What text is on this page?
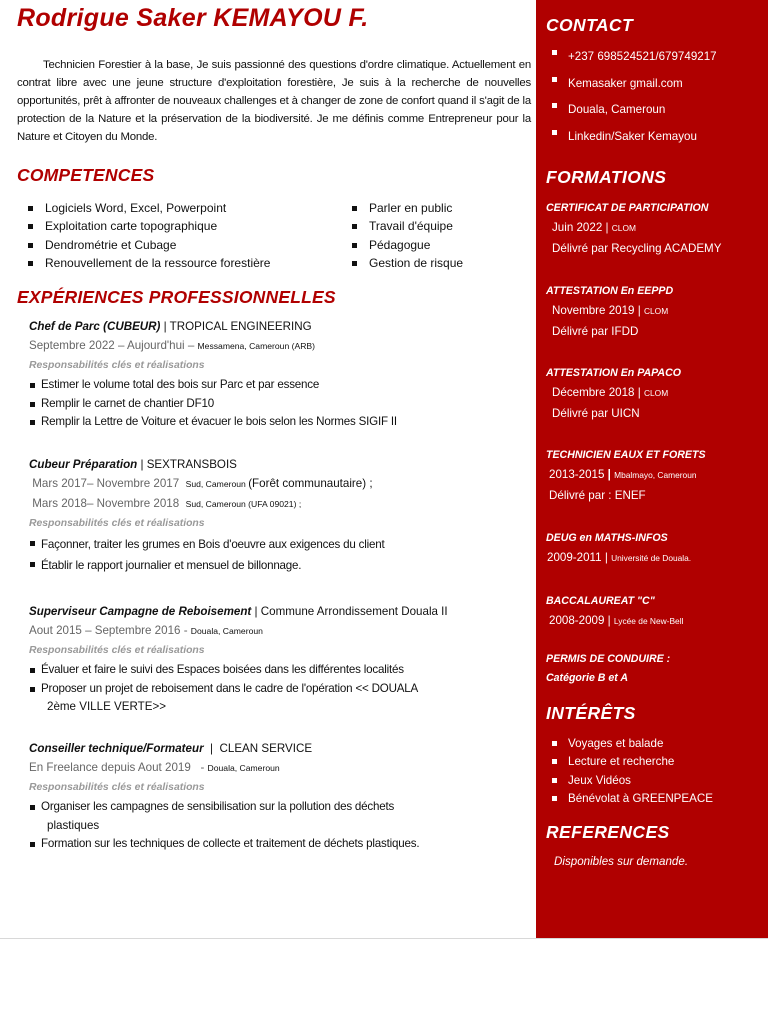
Rodrigue Saker KEMAYOU F.

Technicien Forestier à la base, Je suis passionné des questions d'ordre climatique. Actuellement en contrat libre avec une jeune structure d'exploitation forestière, Je suis à la recherche de nouvelles opportunités, prêt à affronter de nouveaux challenges et à changer de zone de confort quand il s'agit de la protection de la Nature et la préservation de la biodiversité. Je me définis comme Entrepreneur pour la Nature et Citoyen du Monde.

COMPETENCES
Logiciels Word, Excel, Powerpoint
Exploitation carte topographique
Dendrométrie et Cubage
Renouvellement de la ressource forestière
Parler en public
Travail d'équipe
Pédagogue
Gestion de risque
EXPÉRIENCES PROFESSIONNELLES
Chef de Parc (CUBEUR) | TROPICAL ENGINEERING
Septembre 2022 – Aujourd'hui – Messamena, Cameroun (ARB)
Responsabilités clés et réalisations
Estimer le volume total des bois sur Parc et par essence
Remplir le carnet de chantier DF10
Remplir la Lettre de Voiture et évacuer le bois selon les Normes SIGIF II
Cubeur Préparation | SEXTRANSBOIS
Mars 2017– Novembre 2017  Sud, Cameroun (Forêt communautaire) ;
Mars 2018– Novembre 2018  Sud, Cameroun (UFA 09021) ;
Responsabilités clés et réalisations
Façonner, traiter les grumes en Bois d'oeuvre aux exigences du client
Établir le rapport journalier et mensuel de billonnage.
Superviseur Campagne de Reboisement | Commune Arrondissement Douala II
Aout 2015 – Septembre 2016 - Douala, Cameroun
Responsabilités clés et réalisations
Évaluer et faire le suivi des Espaces boisées dans les différentes localités
Proposer un projet de reboisement dans le cadre de l'opération << DOUALA
2ème VILLE VERTE>>
Conseiller technique/Formateur  |  CLEAN SERVICE
En Freelance depuis Aout 2019   - Douala, Cameroun
Responsabilités clés et réalisations
Organiser les campagnes de sensibilisation sur la pollution des déchets
plastiques
Formation sur les techniques de collecte et traitement de déchets plastiques.
CONTACT
+237 698524521/679749217
Kemasaker gmail.com
Douala, Cameroun
Linkedin/Saker Kemayou
FORMATIONS
CERTIFICAT DE PARTICIPATION
Juin 2022 | CLOM
Délivré par Recycling ACADEMY
ATTESTATION En EEPPD
Novembre 2019 | CLOM
Délivré par IFDD
ATTESTATION En PAPACO
Décembre 2018 | CLOM
Délivré par UICN
TECHNICIEN EAUX ET FORETS
2013-2015 | Mbalmayo, Cameroun
Délivré par : ENEF
DEUG en MATHS-INFOS
2009-2011 | Université de Douala.
BACCALAUREAT "C"
2008-2009 | Lycée de New-Bell
PERMIS DE CONDUIRE :
Catégorie B et A
INTÉRÊTS
Voyages et balade
Lecture et recherche
Jeux Vidéos
Bénévolat à GREENPEACE
REFERENCES
Disponibles sur demande.
